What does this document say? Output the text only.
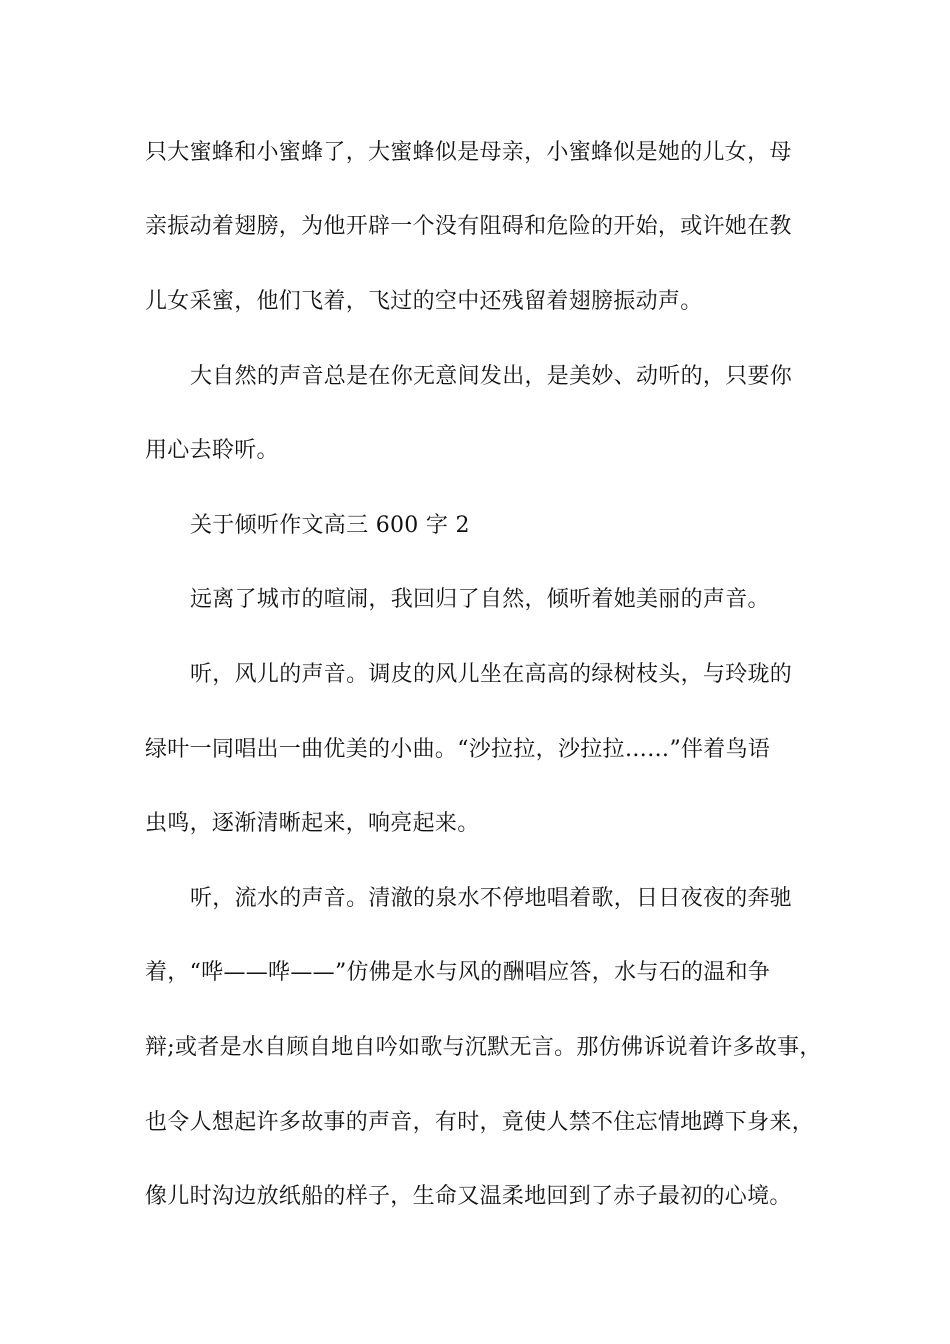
只大蜜蜂和小蜜蜂了，大蜜蜂似是母亲，小蜜蜂似是她的儿女，母
亲振动着翅膀，为他开辟一个没有阻碍和危险的开始，或许她在教
儿女采蜜，他们飞着，飞过的空中还残留着翅膀振动声。
大自然的声音总是在你无意间发出，是美妙、动听的，只要你
用心去聆听。
关于倾听作文高三 600 字 2
远离了城市的喧闹，我回归了自然，倾听着她美丽的声音。
听，风儿的声音。调皮的风儿坐在高高的绿树枝头，与玲珑的
绿叶一同唱出一曲优美的小曲。“沙拉拉，沙拉拉……”伴着鸟语
虫鸣，逐渐清晰起来，响亮起来。
听，流水的声音。清澈的泉水不停地唱着歌，日日夜夜的奔驰
着，“哗——哗——”仿佛是水与风的酬唱应答，水与石的温和争
辩;或者是水自顾自地自吟如歌与沉默无言。那仿佛诉说着许多故事，
也令人想起许多故事的声音，有时，竟使人禁不住忘情地蹲下身来，
像儿时沟边放纸船的样子，生命又温柔地回到了赤子最初的心境。
